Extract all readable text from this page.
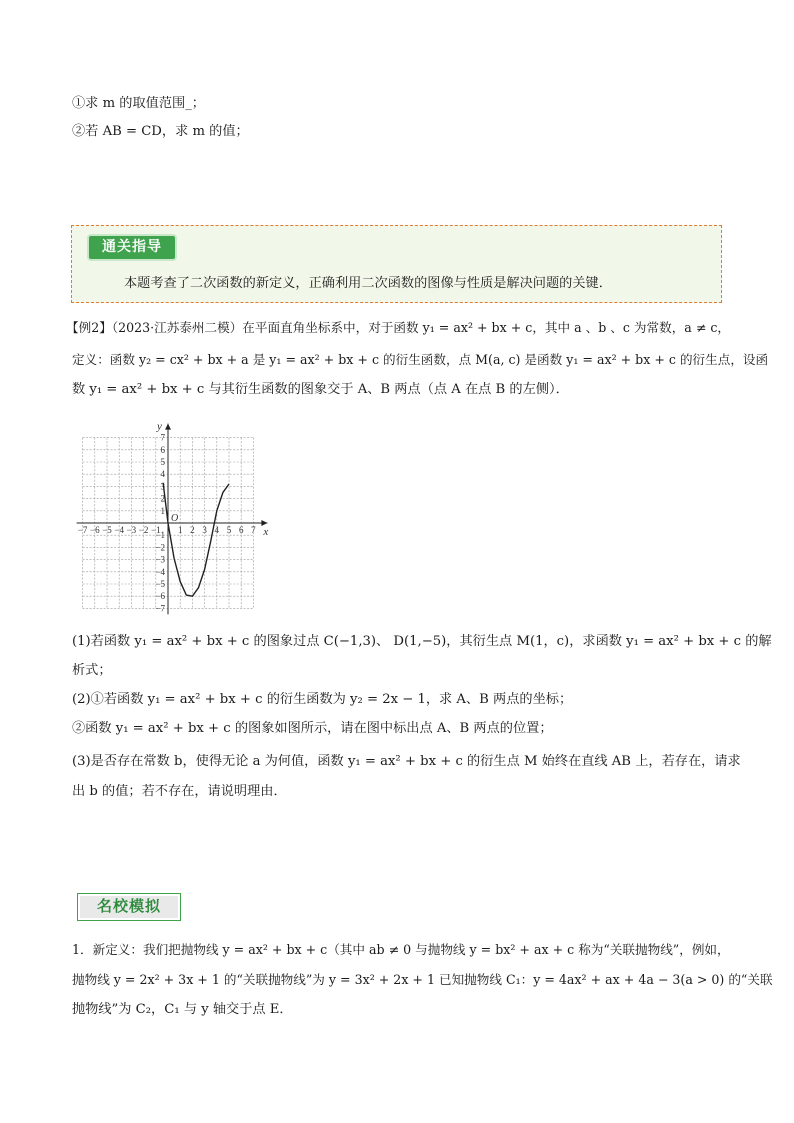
①求 m 的取值范围_；
②若 AB = CD，求 m 的值；
通关指导
本题考查了二次函数的新定义，正确利用二次函数的图像与性质是解决问题的关键．
【例2】（2023·江苏泰州二模）在平面直角坐标系中，对于函数 y₁ = ax² + bx + c，其中 a 、b 、c 为常数，a ≠ c，
定义：函数 y₂ = cx² + bx + a 是 y₁ = ax² + bx + c 的衍生函数，点 M(a, c) 是函数 y₁ = ax² + bx + c 的衍生点，设函
数 y₁ = ax² + bx + c 与其衍生函数的图象交于 A、B 两点（点 A 在点 B 的左侧）．
−7 −6 −5 −4 −3 −2 −1 1 2 3 4 5 6 7
7
6
5
4
3
2
1
−1
−2
−3
−4
−5
−6
−7
x
y
O
(1)若函数 y₁ = ax² + bx + c 的图象过点 C(−1,3)、 D(1,−5)，其衍生点 M(1，c)，求函数 y₁ = ax² + bx + c 的解
析式；
(2)①若函数 y₁ = ax² + bx + c 的衍生函数为 y₂ = 2x − 1，求 A、B 两点的坐标；
②函数 y₁ = ax² + bx + c 的图象如图所示，请在图中标出点 A、B 两点的位置；
(3)是否存在常数 b，使得无论 a 为何值，函数 y₁ = ax² + bx + c 的衍生点 M 始终在直线 AB 上，若存在，请求
出 b 的值；若不存在，请说明理由．
名校模拟
1．新定义：我们把抛物线 y = ax² + bx + c（其中 ab ≠ 0 与抛物线 y = bx² + ax + c 称为“关联抛物线”，例如，
抛物线 y = 2x² + 3x + 1 的“关联抛物线”为 y = 3x² + 2x + 1 已知抛物线 C₁：y = 4ax² + ax + 4a − 3(a > 0) 的“关联
抛物线”为 C₂，C₁ 与 y 轴交于点 E．
